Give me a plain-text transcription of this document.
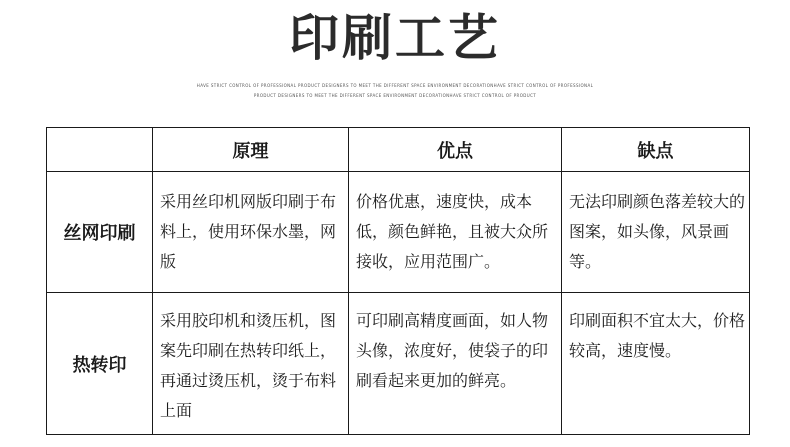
印刷工艺
HAVE STRICT CONTROL OF PROFESSIONAL PRODUCT DESIGNERS TO MEET THE DIFFERENT SPACE ENVIRONMENT DECORATIONHAVE STRICT CONTROL OF PROFESSIONAL
PRODUCT DESIGNERS TO MEET THE DIFFERENT SPACE ENVIRONMENT DECORATIONHAVE STRICT CONTROL OF PRODUCT
	原理	优点	缺点
丝网印刷	采用丝印机网版印刷于布料上，使用环保水墨，网版	价格优惠，速度快，成本低，颜色鲜艳，且被大众所接收，应用范围广。	无法印刷颜色落差较大的图案，如头像，风景画等。

热转印	采用胶印机和烫压机，图案先印刷在热转印纸上，再通过烫压机，烫于布料上面	可印刷高精度画面，如人物头像，浓度好，使袋子的印刷看起来更加的鲜亮。	印刷面积不宜太大，价格较高，速度慢。
